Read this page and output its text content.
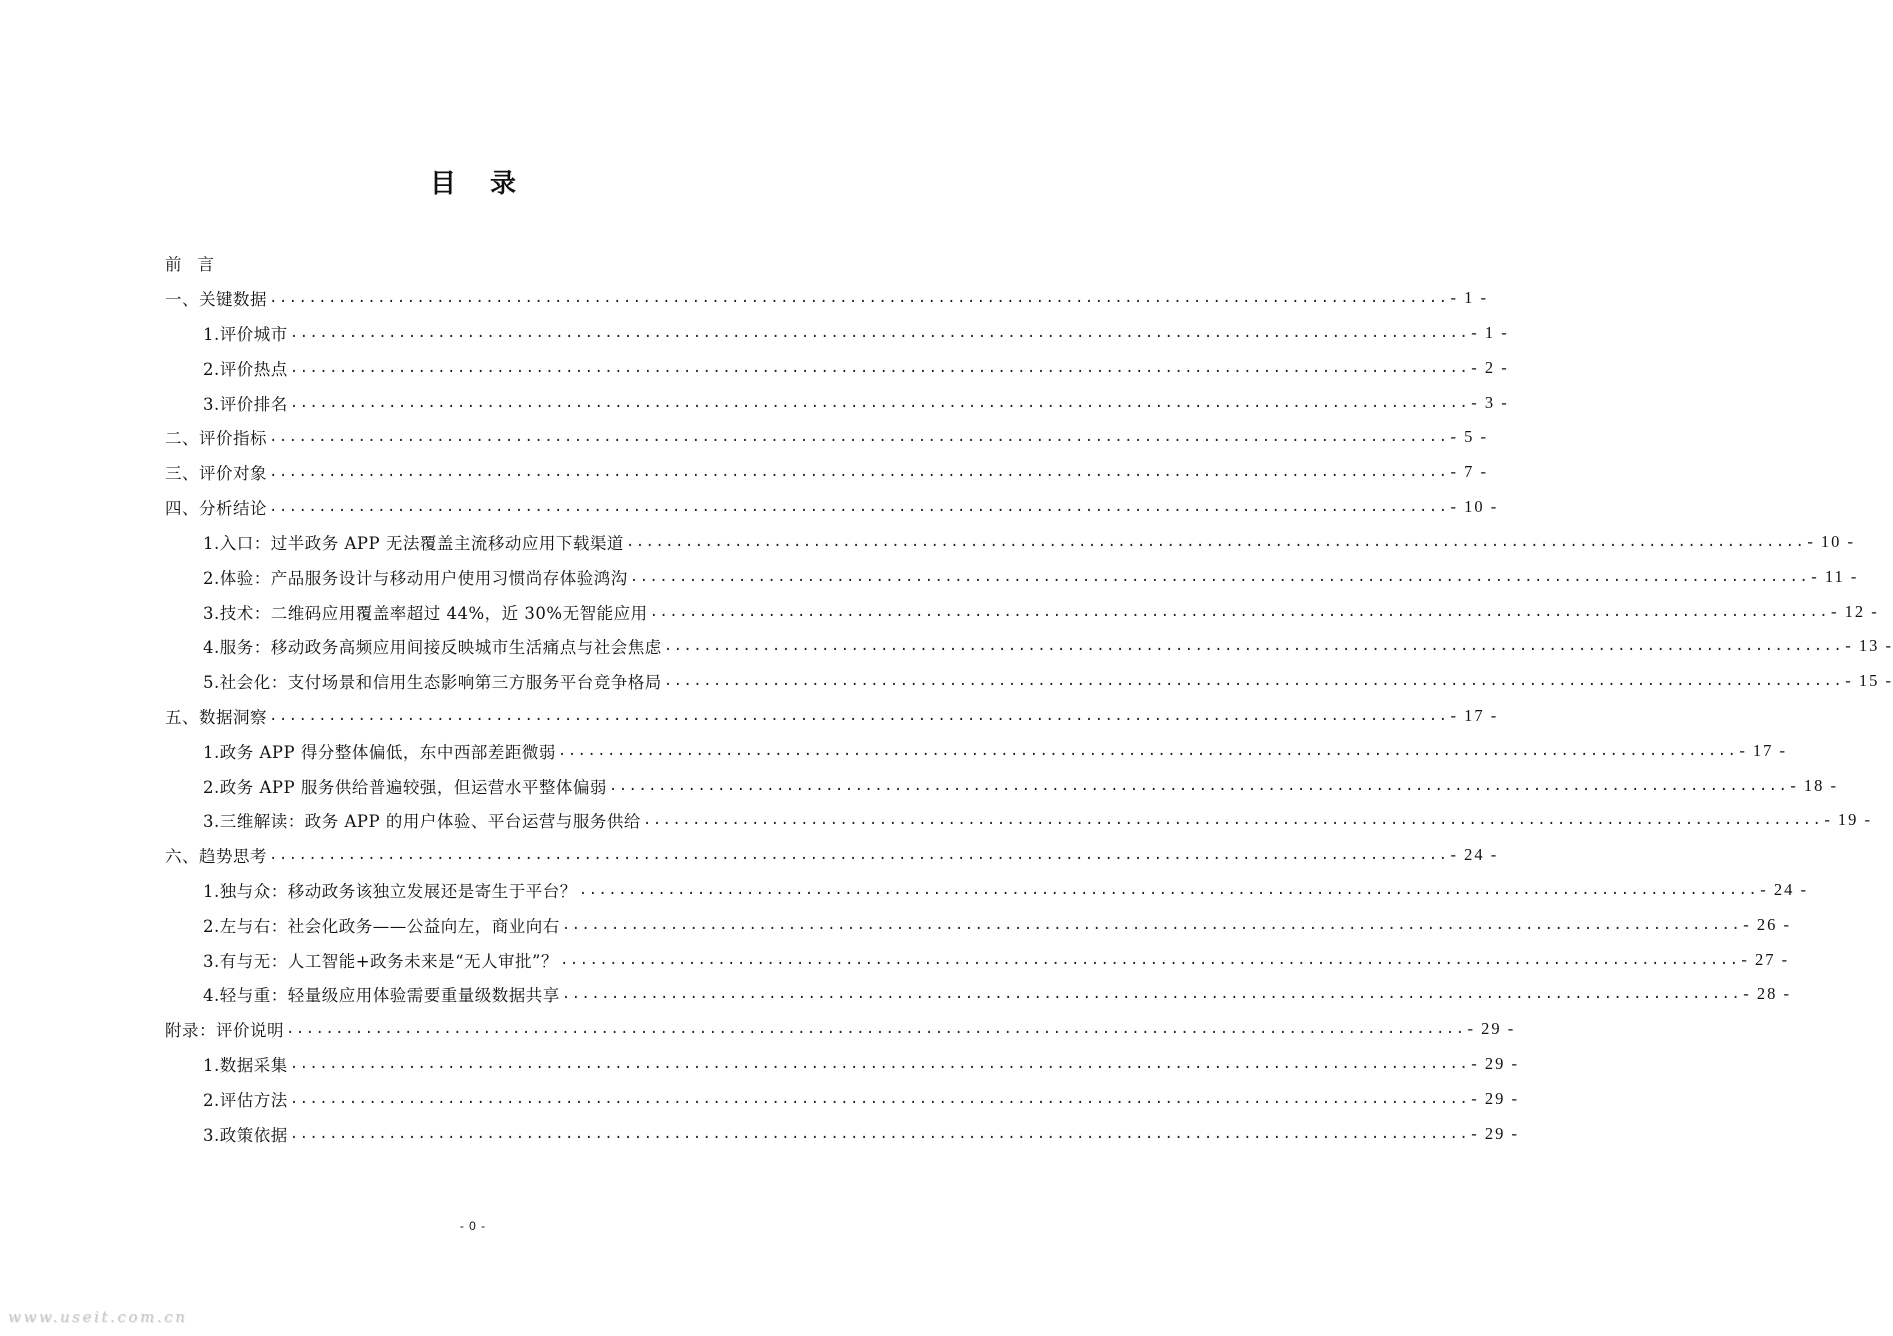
目录
前言
一、关键数据 ........................................................................................................................ - 1 -
1.评价城市 ........................................................................................................................ - 1 -
2.评价热点 ........................................................................................................................ - 2 -
3.评价排名 ........................................................................................................................ - 3 -
二、评价指标 ........................................................................................................................ - 5 -
三、评价对象 ........................................................................................................................ - 7 -
四、分析结论 ........................................................................................................................ - 10 -
1.入口：过半政务 APP 无法覆盖主流移动应用下载渠道 ........................................................................................................................ - 10 -
2.体验：产品服务设计与移动用户使用习惯尚存体验鸿沟 ........................................................................................................................ - 11 -
3.技术：二维码应用覆盖率超过 44%，近 30%无智能应用 ........................................................................................................................ - 12 -
4.服务：移动政务高频应用间接反映城市生活痛点与社会焦虑 ........................................................................................................................ - 13 -
5.社会化：支付场景和信用生态影响第三方服务平台竞争格局 ........................................................................................................................ - 15 -
五、数据洞察 ........................................................................................................................ - 17 -
1.政务 APP 得分整体偏低，东中西部差距微弱 ........................................................................................................................ - 17 -
2.政务 APP 服务供给普遍较强，但运营水平整体偏弱 ........................................................................................................................ - 18 -
3.三维解读：政务 APP 的用户体验、平台运营与服务供给 ........................................................................................................................ - 19 -
六、趋势思考 ........................................................................................................................ - 24 -
1.独与众：移动政务该独立发展还是寄生于平台？ ........................................................................................................................ - 24 -
2.左与右：社会化政务——公益向左，商业向右 ........................................................................................................................ - 26 -
3.有与无：人工智能+政务未来是“无人审批”？ ........................................................................................................................ - 27 -
4.轻与重：轻量级应用体验需要重量级数据共享 ........................................................................................................................ - 28 -
附录：评价说明 ........................................................................................................................ - 29 -
1.数据采集 ........................................................................................................................ - 29 -
2.评估方法 ........................................................................................................................ - 29 -
3.政策依据 ........................................................................................................................ - 29 -
- 0 -
www.useit.com.cn
